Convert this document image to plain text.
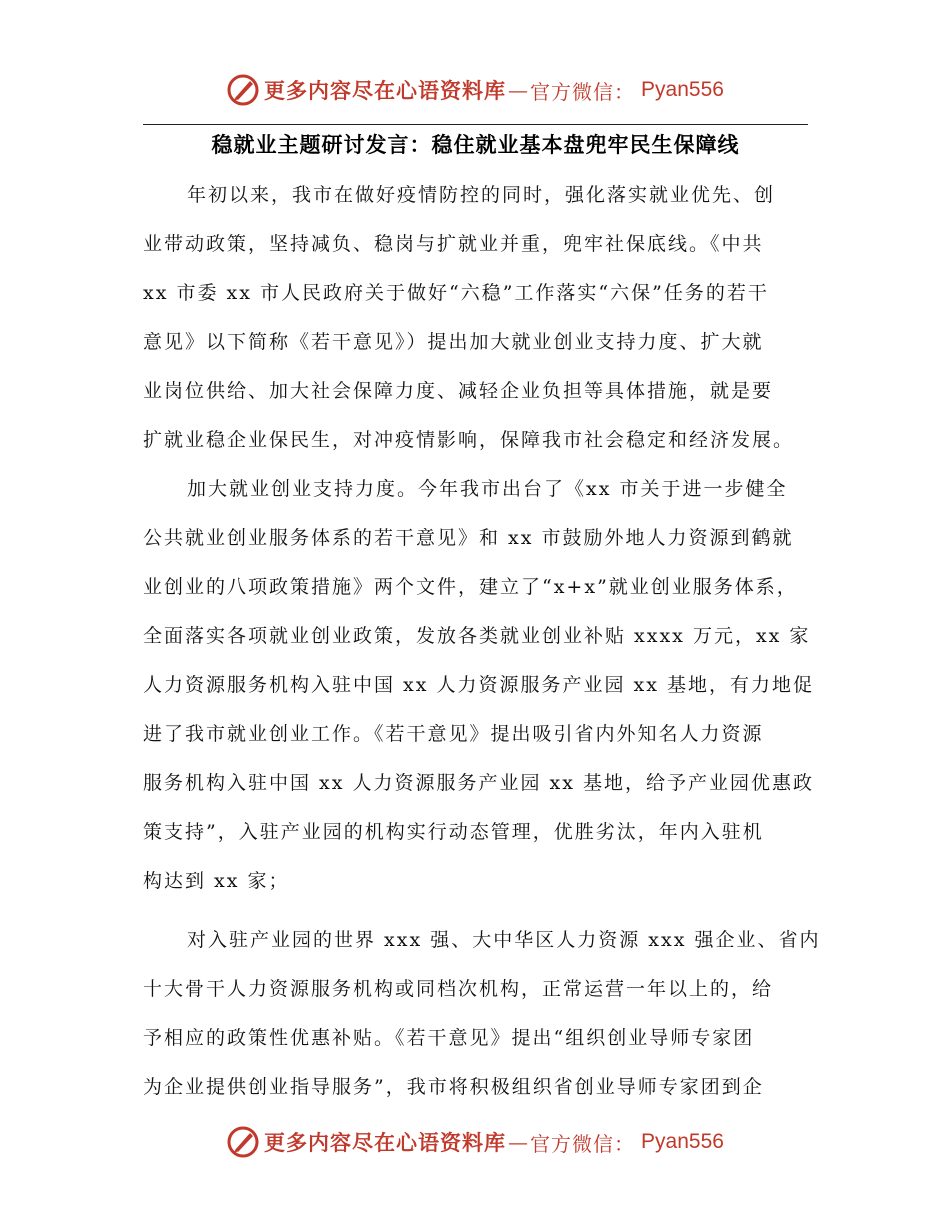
更多内容尽在心语资料库 — 官方微信： Pyan556
稳就业主题研讨发言：稳住就业基本盘兜牢民生保障线
年初以来，我市在做好疫情防控的同时，强化落实就业优先、创
业带动政策，坚持减负、稳岗与扩就业并重，兜牢社保底线。《中共
xx 市委 xx 市人民政府关于做好“六稳”工作落实“六保”任务的若干
意见》以下简称《若干意见》）提出加大就业创业支持力度、扩大就
业岗位供给、加大社会保障力度、减轻企业负担等具体措施，就是要
扩就业稳企业保民生，对冲疫情影响，保障我市社会稳定和经济发展。
加大就业创业支持力度。今年我市出台了《xx 市关于进一步健全
公共就业创业服务体系的若干意见》和 xx 市鼓励外地人力资源到鹤就
业创业的八项政策措施》两个文件，建立了“x+x”就业创业服务体系，
全面落实各项就业创业政策，发放各类就业创业补贴 xxxx 万元，xx 家
人力资源服务机构入驻中国 xx 人力资源服务产业园 xx 基地，有力地促
进了我市就业创业工作。《若干意见》提出吸引省内外知名人力资源
服务机构入驻中国 xx 人力资源服务产业园 xx 基地，给予产业园优惠政
策支持”，入驻产业园的机构实行动态管理，优胜劣汰，年内入驻机
构达到 xx 家；
对入驻产业园的世界 xxx 强、大中华区人力资源 xxx 强企业、省内
十大骨干人力资源服务机构或同档次机构，正常运营一年以上的，给
予相应的政策性优惠补贴。《若干意见》提出“组织创业导师专家团
为企业提供创业指导服务”，我市将积极组织省创业导师专家团到企
更多内容尽在心语资料库 — 官方微信： Pyan556
